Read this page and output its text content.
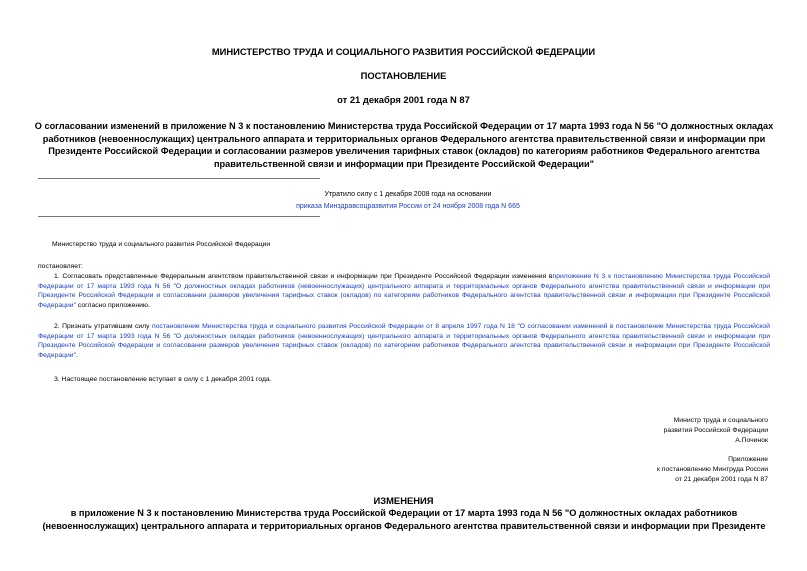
МИНИСТЕРСТВО ТРУДА И СОЦИАЛЬНОГО РАЗВИТИЯ РОССИЙСКОЙ ФЕДЕРАЦИИ
ПОСТАНОВЛЕНИЕ
от 21 декабря 2001 года N 87
О согласовании изменений в приложение N 3 к постановлению Министерства труда Российской Федерации от 17 марта 1993 года N 56 "О должностных окладах работников (невоеннослужащих) центрального аппарата и территориальных органов Федерального агентства правительственной связи и информации при Президенте Российской Федерации и согласовании размеров увеличения тарифных ставок (окладов) по категориям работников Федерального агентства правительственной связи и информации при Президенте Российской Федерации"
Утратило силу с 1 декабря 2008 года на основании
приказа Минздравсоцразвития России от 24 ноября 2008 года N 665
Министерство труда и социального развития Российской Федерации
постановляет:
1. Согласовать представленные Федеральным агентством правительственной связи и информации при Президенте Российской Федерации изменения вприложение N 3 к постановлению Министерства труда Российской Федерации от 17 марта 1993 года N 56 "О должностных окладах работников (невоеннослужащих) центрального аппарата и территориальных органов Федерального агентства правительственной связи и информации при Президенте Российской Федерации и согласовании размеров увеличения тарифных ставок (окладов) по категориям работников Федерального агентства правительственной связи и информации при Президенте Российской Федерации" согласно приложению.
2. Признать утратившим силу постановление Министерства труда и социального развития Российской Федерации от 8 апреля 1997 года N 18 "О согласовании изменений в постановление Министерства труда Российской Федерации от 17 марта 1993 года N 56 "О должностных окладах работников (невоеннослужащих) центрального аппарата и территориальных органов Федерального агентства правительственной связи и информации при Президенте Российской Федерации и согласовании размеров увеличения тарифных ставок (окладов) по категориям работников Федерального агентства правительственной связи и информации при Президенте Российской Федерации".
3. Настоящее постановление вступает в силу с 1 декабря 2001 года.
Министр труда и социального
развития Российской Федерации
А.Починок
Приложение
к постановлению Минтруда России
от 21 декабря 2001 года N 87
ИЗМЕНЕНИЯ
в приложение N 3 к постановлению Министерства труда Российской Федерации от 17 марта 1993 года N 56 "О должностных окладах работников (невоеннослужащих) центрального аппарата и территориальных органов Федерального агентства правительственной связи и информации при Президенте
